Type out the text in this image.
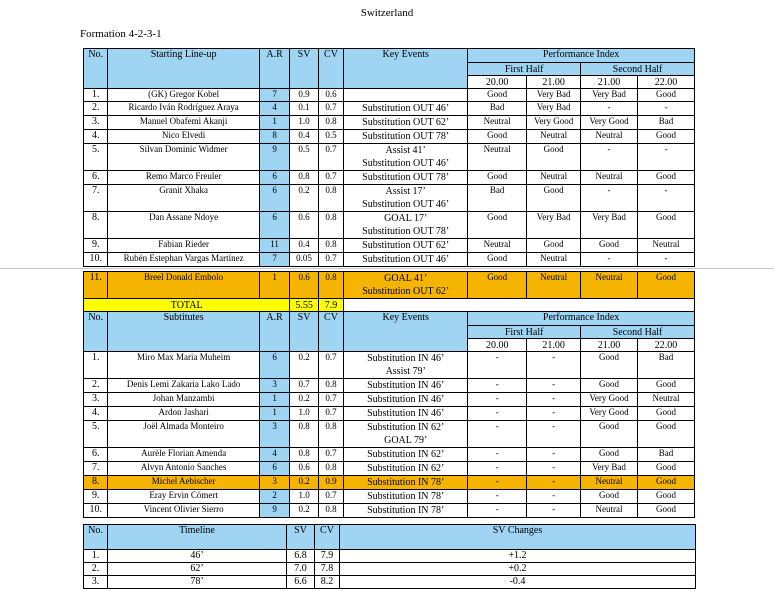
Switzerland
Formation 4-2-3-1
No.	Starting Line-up	A.R	SV	CV	Key Events	Performance Index			
						First Half		Second Half	
						20.00	21.00	21.00	22.00
1.	(GK) Gregor Kobel	7	0.9	0.6		Good	Very Bad	Very Bad	Good
2.	Ricardo Iván Rodríguez Araya	4	0.1	0.7	Substitution OUT 46’	Bad	Very Bad	-	-
3.	Manuel Obafemi Akanji	1	1.0	0.8	Substitution OUT 62’	Neutral	Very Good	Very Good	Bad
4.	Nico Elvedi	8	0.4	0.5	Substitution OUT 78’	Good	Neutral	Neutral	Good
5.	Silvan Dominic Widmer	9	0.5	0.7	Assist 41’
Substitution OUT 46’	Neutral	Good	-	-
6.	Remo Marco Freuler	6	0.8	0.7	Substitution OUT 78’	Good	Neutral	Neutral	Good
7.	Granit Xhaka	6	0.2	0.8	Assist 17’
Substitution OUT 46’	Bad	Good	-	-
8.	Dan Assane Ndoye	6	0.6	0.8	GOAL 17’
Substitution OUT 78’	Good	Very Bad	Very Bad	Good
9.	Fabian Rieder	11	0.4	0.8	Substitution OUT 62’	Neutral	Good	Good	Neutral
10.	Rubén Estephan Vargas Martínez	7	0.05	0.7	Substitution OUT 46’	Good	Neutral	-	-
11.	Breel Donald Embolo	1	0.6	0.8	GOAL 41’
Substitution OUT 62’	Good	Neutral	Neutral	Good
TOTAL			5.55	7.9					
No.	Subtitutes	A.R	SV	CV	Key Events	Performance Index			
						First Half		Second Half	
						20.00	21.00	21.00	22.00
1.	Miro Max Maria Muheim	6	0.2	0.7	Substitution IN 46’
Assist 79’	-	-	Good	Bad
2.	Denis Lemi Zakaria Lako Lado	3	0.7	0.8	Substitution IN 46’	-	-	Good	Good
3.	Johan Manzambi	1	0.2	0.7	Substitution IN 46’	-	-	Very Good	Neutral
4.	Ardon Jashari	1	1.0	0.7	Substitution IN 46’	-	-	Very Good	Good
5.	Joël Almada Monteiro	3	0.8	0.8	Substitution IN 62’
GOAL 79’	-	-	Good	Good
6.	Aurèle Florian Amenda	4	0.8	0.7	Substitution IN 62’	-	-	Good	Bad
7.	Alvyn Antonio Sanches	6	0.6	0.8	Substitution IN 62’	-	-	Very Bad	Good
8.	Michel Aebischer	3	0.2	0.9	Substitution IN 78’	-	-	Neutral	Good
9.	Eray Ervin Cömert	2	1.0	0.7	Substitution IN 78’	-	-	Good	Good
10.	Vincent Olivier Sierro	9	0.2	0.8	Substitution IN 78’	-	-	Neutral	Good
No.	Timeline	SV	CV	SV Changes
1.	46’	6.8	7.9	+1.2
2.	62’	7.0	7.8	+0.2
3.	78’	6.6	8.2	-0.4
